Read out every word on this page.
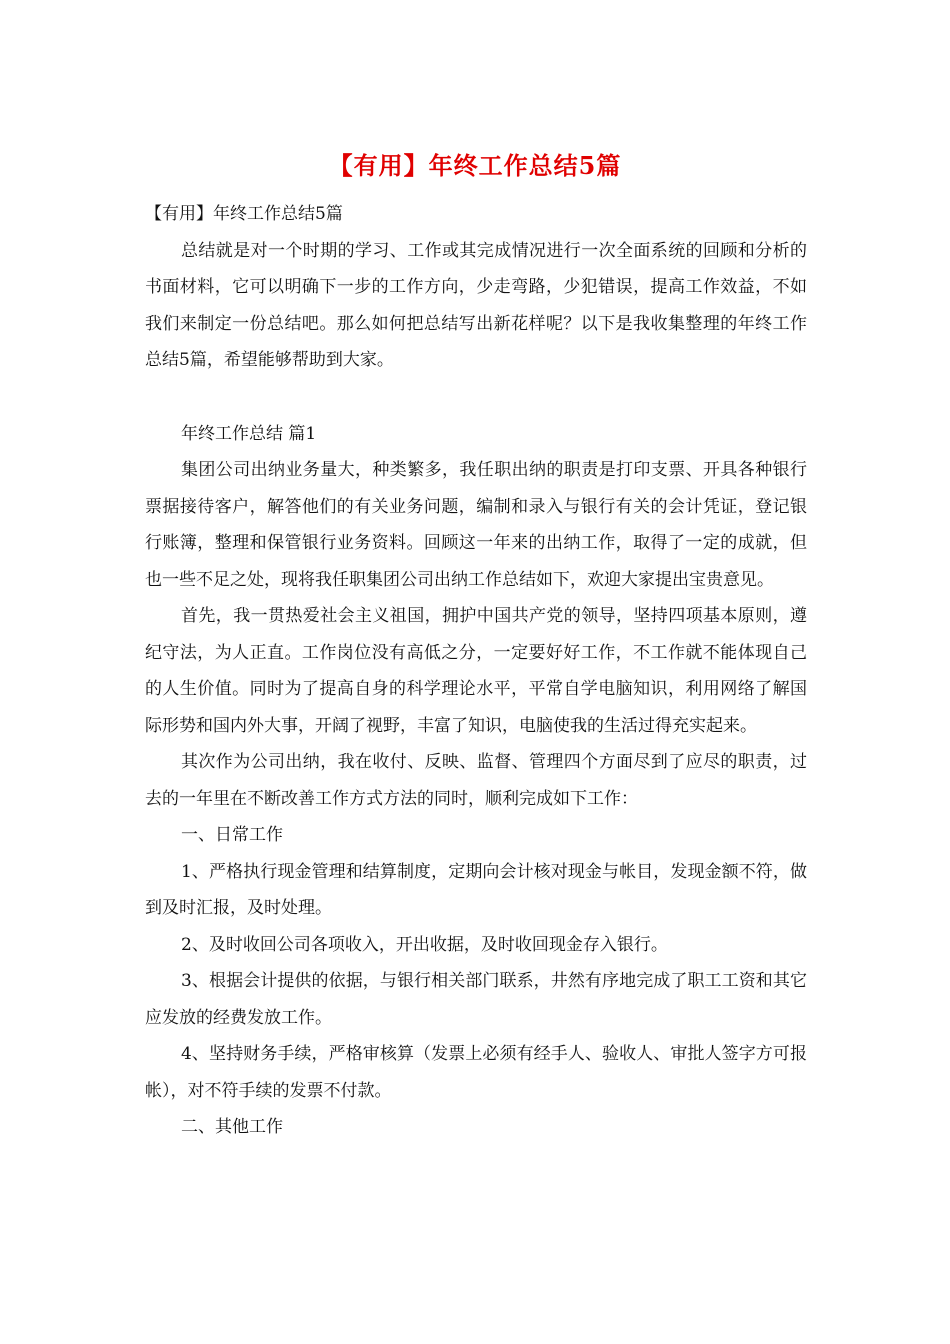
【有用】年终工作总结5篇

【有用】年终工作总结5篇

总结就是对一个时期的学习、工作或其完成情况进行一次全面系统的回顾和分析的书面材料，它可以明确下一步的工作方向，少走弯路，少犯错误，提高工作效益，不如我们来制定一份总结吧。那么如何把总结写出新花样呢？以下是我收集整理的年终工作总结5篇，希望能够帮助到大家。

年终工作总结 篇1

集团公司出纳业务量大，种类繁多，我任职出纳的职责是打印支票、开具各种银行票据接待客户，解答他们的有关业务问题，编制和录入与银行有关的会计凭证，登记银行账簿，整理和保管银行业务资料。回顾这一年来的出纳工作，取得了一定的成就，但也一些不足之处，现将我任职集团公司出纳工作总结如下，欢迎大家提出宝贵意见。

首先，我一贯热爱社会主义祖国，拥护中国共产党的领导，坚持四项基本原则，遵纪守法，为人正直。工作岗位没有高低之分，一定要好好工作，不工作就不能体现自己的人生价值。同时为了提高自身的科学理论水平，平常自学电脑知识，利用网络了解国际形势和国内外大事，开阔了视野，丰富了知识，电脑使我的生活过得充实起来。

其次作为公司出纳，我在收付、反映、监督、管理四个方面尽到了应尽的职责，过去的一年里在不断改善工作方式方法的同时，顺利完成如下工作：

一、日常工作

1、严格执行现金管理和结算制度，定期向会计核对现金与帐目，发现金额不符，做到及时汇报，及时处理。

2、及时收回公司各项收入，开出收据，及时收回现金存入银行。

3、根据会计提供的依据，与银行相关部门联系，井然有序地完成了职工工资和其它应发放的经费发放工作。

4、坚持财务手续，严格审核算（发票上必须有经手人、验收人、审批人签字方可报帐），对不符手续的发票不付款。

二、其他工作
